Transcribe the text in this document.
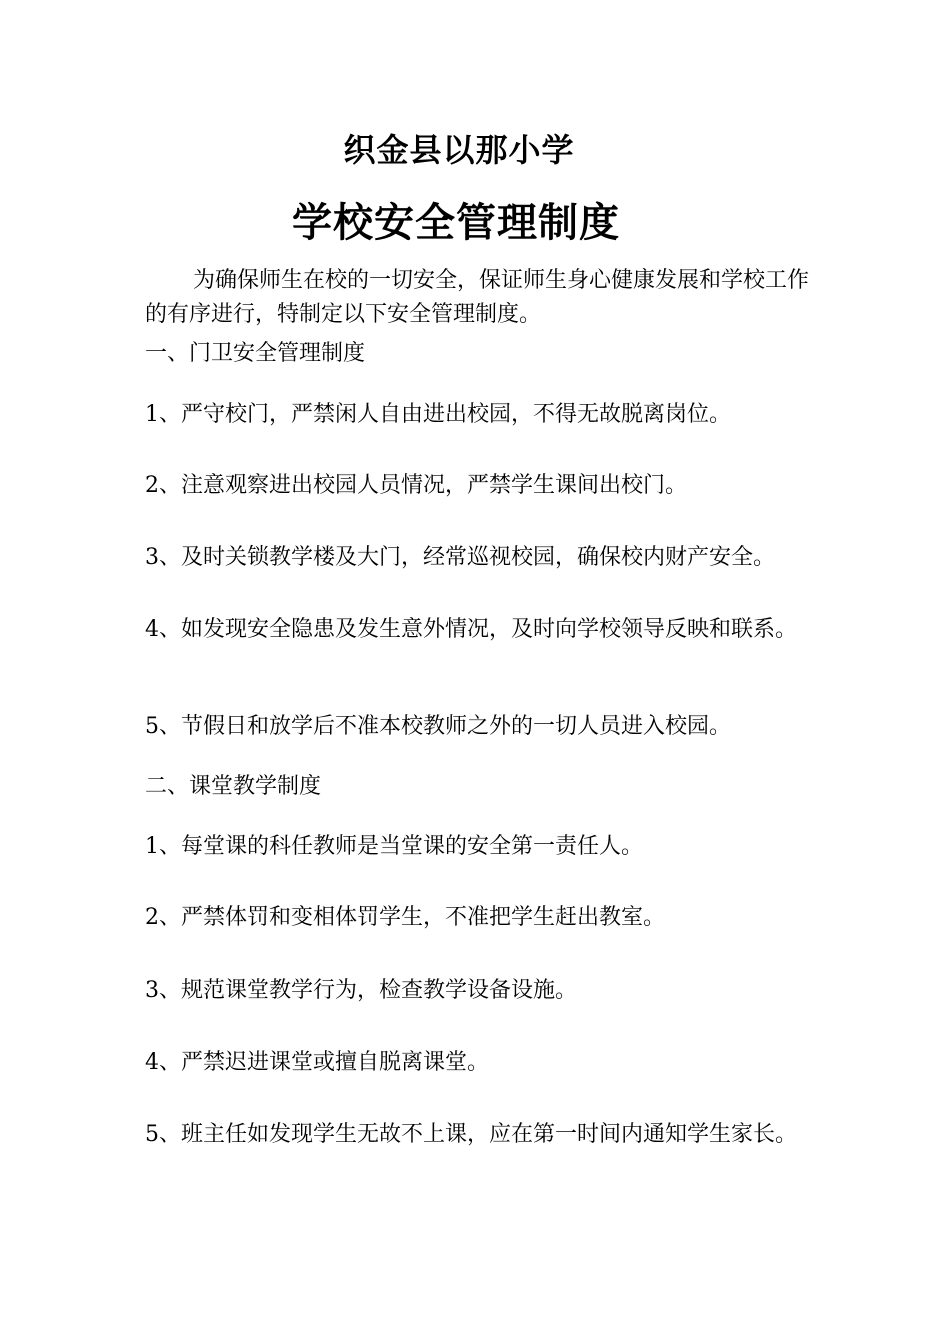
织金县以那小学
学校安全管理制度

为确保师生在校的一切安全，保证师生身心健康发展和学校工作的有序进行，特制定以下安全管理制度。

一、门卫安全管理制度

1、严守校门，严禁闲人自由进出校园，不得无故脱离岗位。

2、注意观察进出校园人员情况，严禁学生课间出校门。

3、及时关锁教学楼及大门，经常巡视校园，确保校内财产安全。

4、如发现安全隐患及发生意外情况，及时向学校领导反映和联系。

5、节假日和放学后不准本校教师之外的一切人员进入校园。

二、课堂教学制度

1、每堂课的科任教师是当堂课的安全第一责任人。

2、严禁体罚和变相体罚学生，不准把学生赶出教室。

3、规范课堂教学行为，检查教学设备设施。

4、严禁迟进课堂或擅自脱离课堂。

5、班主任如发现学生无故不上课，应在第一时间内通知学生家长。
